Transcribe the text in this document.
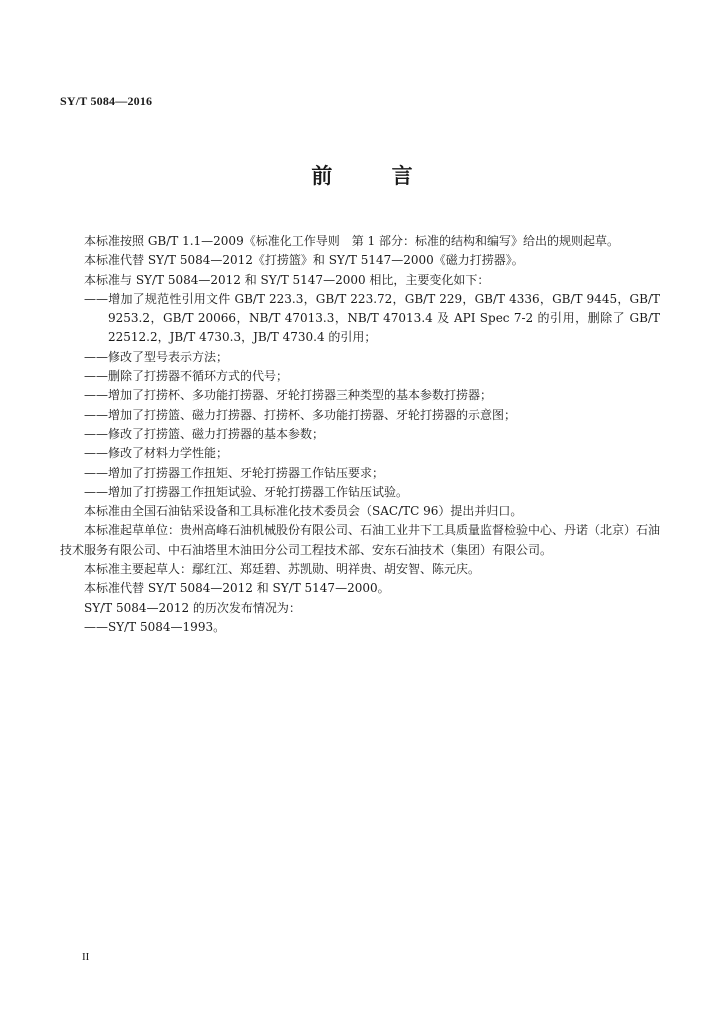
SY/T 5084—2016
前 言

本标准按照 GB/T 1.1—2009《标准化工作导则　第 1 部分：标准的结构和编写》给出的规则起草。

本标准代替 SY/T 5084—2012《打捞篮》和 SY/T 5147—2000《磁力打捞器》。

本标准与 SY/T 5084—2012 和 SY/T 5147—2000 相比，主要变化如下：

——增加了规范性引用文件 GB/T 223.3，GB/T 223.72，GB/T 229，GB/T 4336，GB/T 9445，GB/T 9253.2，GB/T 20066，NB/T 47013.3，NB/T 47013.4 及 API Spec 7-2 的引用，删除了 GB/T 22512.2，JB/T 4730.3，JB/T 4730.4 的引用；

——修改了型号表示方法；

——删除了打捞器不循环方式的代号；

——增加了打捞杯、多功能打捞器、牙轮打捞器三种类型的基本参数打捞器；

——增加了打捞篮、磁力打捞器、打捞杯、多功能打捞器、牙轮打捞器的示意图；

——修改了打捞篮、磁力打捞器的基本参数；

——修改了材料力学性能；

——增加了打捞器工作扭矩、牙轮打捞器工作钻压要求；

——增加了打捞器工作扭矩试验、牙轮打捞器工作钻压试验。

本标准由全国石油钻采设备和工具标准化技术委员会（SAC/TC 96）提出并归口。

本标准起草单位：贵州高峰石油机械股份有限公司、石油工业井下工具质量监督检验中心、丹诺（北京）石油技术服务有限公司、中石油塔里木油田分公司工程技术部、安东石油技术（集团）有限公司。

本标准主要起草人：鄢红江、郑廷碧、苏凯勋、明祥贵、胡安智、陈元庆。

本标准代替 SY/T 5084—2012 和 SY/T 5147—2000。

SY/T 5084—2012 的历次发布情况为：

——SY/T 5084—1993。

II
